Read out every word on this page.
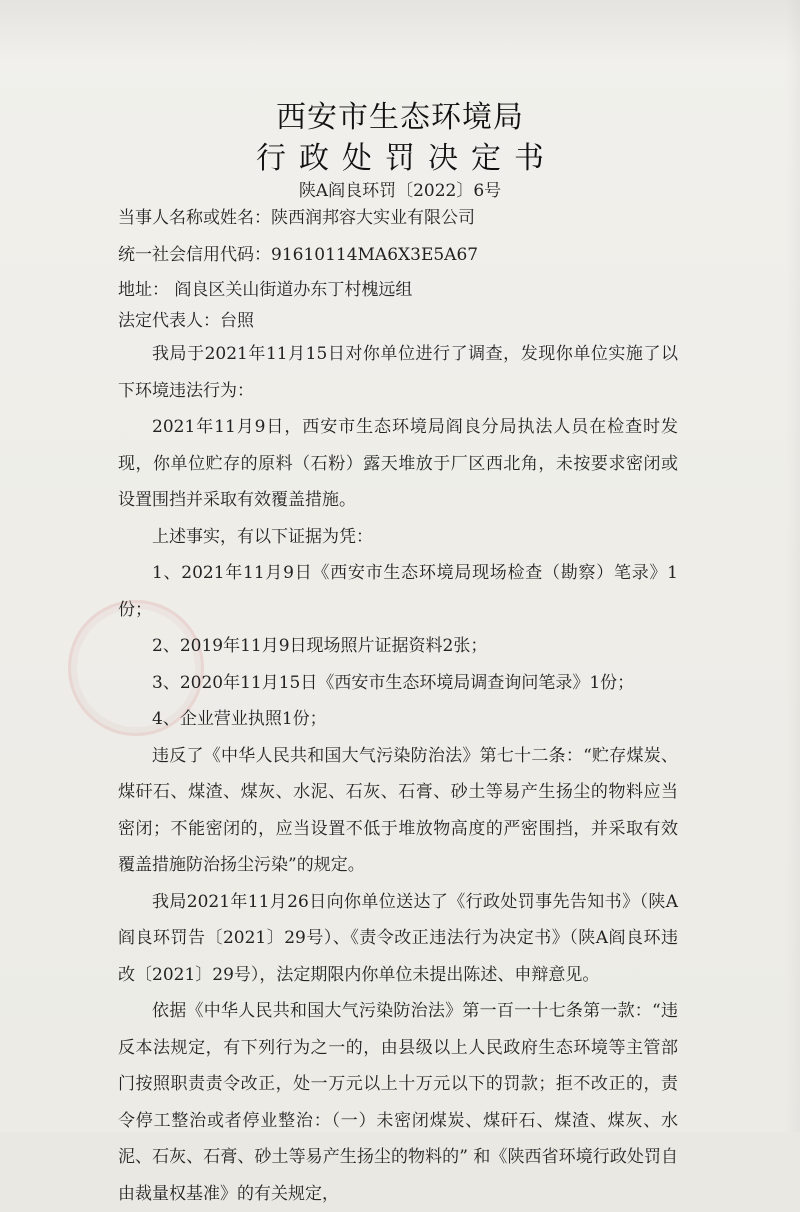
西安市生态环境局
行政处罚决定书
陕A阎良环罚〔2022〕6号
当事人名称或姓名：陕西润邦容大实业有限公司
统一社会信用代码：91610114MA6X3E5A67
地址： 阎良区关山街道办东丁村槐远组
法定代表人：台照

我局于2021年11月15日对你单位进行了调查，发现你单位实施了以下环境违法行为：

2021年11月9日，西安市生态环境局阎良分局执法人员在检查时发现，你单位贮存的原料（石粉）露天堆放于厂区西北角，未按要求密闭或设置围挡并采取有效覆盖措施。

上述事实，有以下证据为凭：

1、2021年11月9日《西安市生态环境局现场检查（勘察）笔录》1份；

2、2019年11月9日现场照片证据资料2张；

3、2020年11月15日《西安市生态环境局调查询问笔录》1份；

4、企业营业执照1份；

违反了《中华人民共和国大气污染防治法》第七十二条：“贮存煤炭、煤矸石、煤渣、煤灰、水泥、石灰、石膏、砂土等易产生扬尘的物料应当密闭；不能密闭的，应当设置不低于堆放物高度的严密围挡，并采取有效覆盖措施防治扬尘污染”的规定。

我局2021年11月26日向你单位送达了《行政处罚事先告知书》（陕A阎良环罚告〔2021〕29号）、《责令改正违法行为决定书》（陕A阎良环违改〔2021〕29号），法定期限内你单位未提出陈述、申辩意见。

依据《中华人民共和国大气污染防治法》第一百一十七条第一款：“违反本法规定，有下列行为之一的，由县级以上人民政府生态环境等主管部门按照职责责令改正，处一万元以上十万元以下的罚款；拒不改正的，责令停工整治或者停业整治：（一）未密闭煤炭、煤矸石、煤渣、煤灰、水泥、石灰、石膏、砂土等易产生扬尘的物料的” 和《陕西省环境行政处罚自由裁量权基准》的有关规定，
